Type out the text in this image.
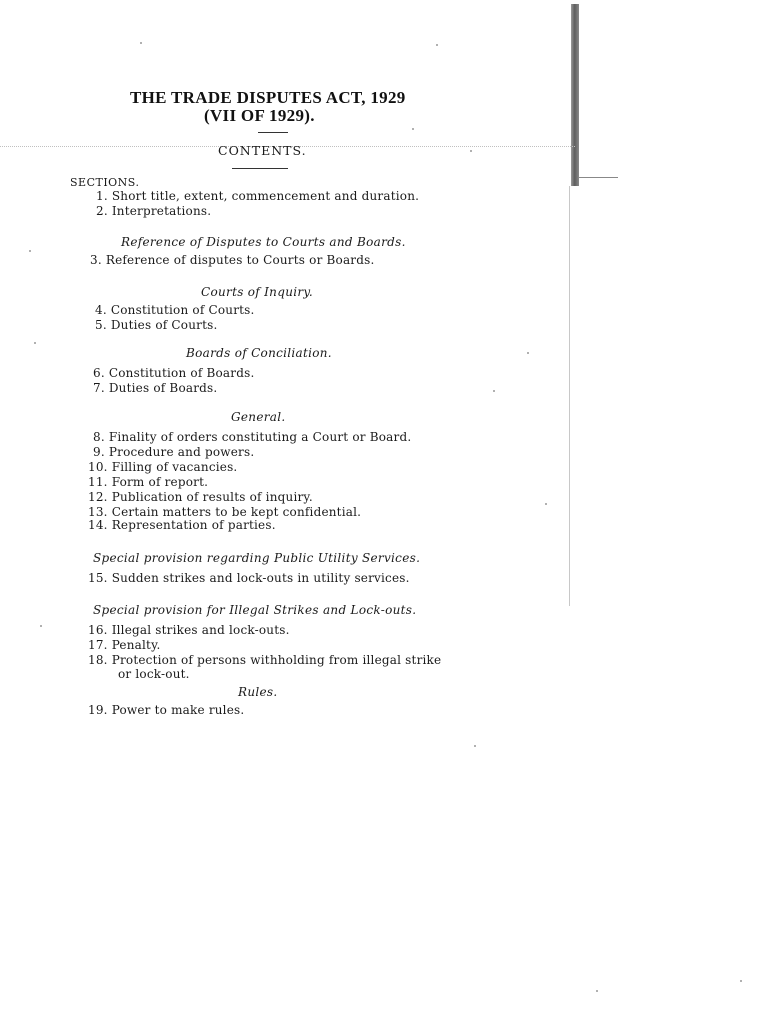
THE TRADE DISPUTES ACT, 1929
(VII OF 1929).
CONTENTS.
SECTIONS.
1. Short title, extent, commencement and duration.
2. Interpretations.
Reference of Disputes to Courts and Boards.
3. Reference of disputes to Courts or Boards.
Courts of Inquiry.
4. Constitution of Courts.
5. Duties of Courts.
Boards of Conciliation.
6. Constitution of Boards.
7. Duties of Boards.
General.
8. Finality of orders constituting a Court or Board.
9. Procedure and powers.
10. Filling of vacancies.
11. Form of report.
12. Publication of results of inquiry.
13. Certain matters to be kept confidential.
14. Representation of parties.
Special provision regarding Public Utility Services.
15. Sudden strikes and lock-outs in utility services.
Special provision for Illegal Strikes and Lock-outs.
16. Illegal strikes and lock-outs.
17. Penalty.
18. Protection of persons withholding from illegal strike
or lock-out.
Rules.
19. Power to make rules.
